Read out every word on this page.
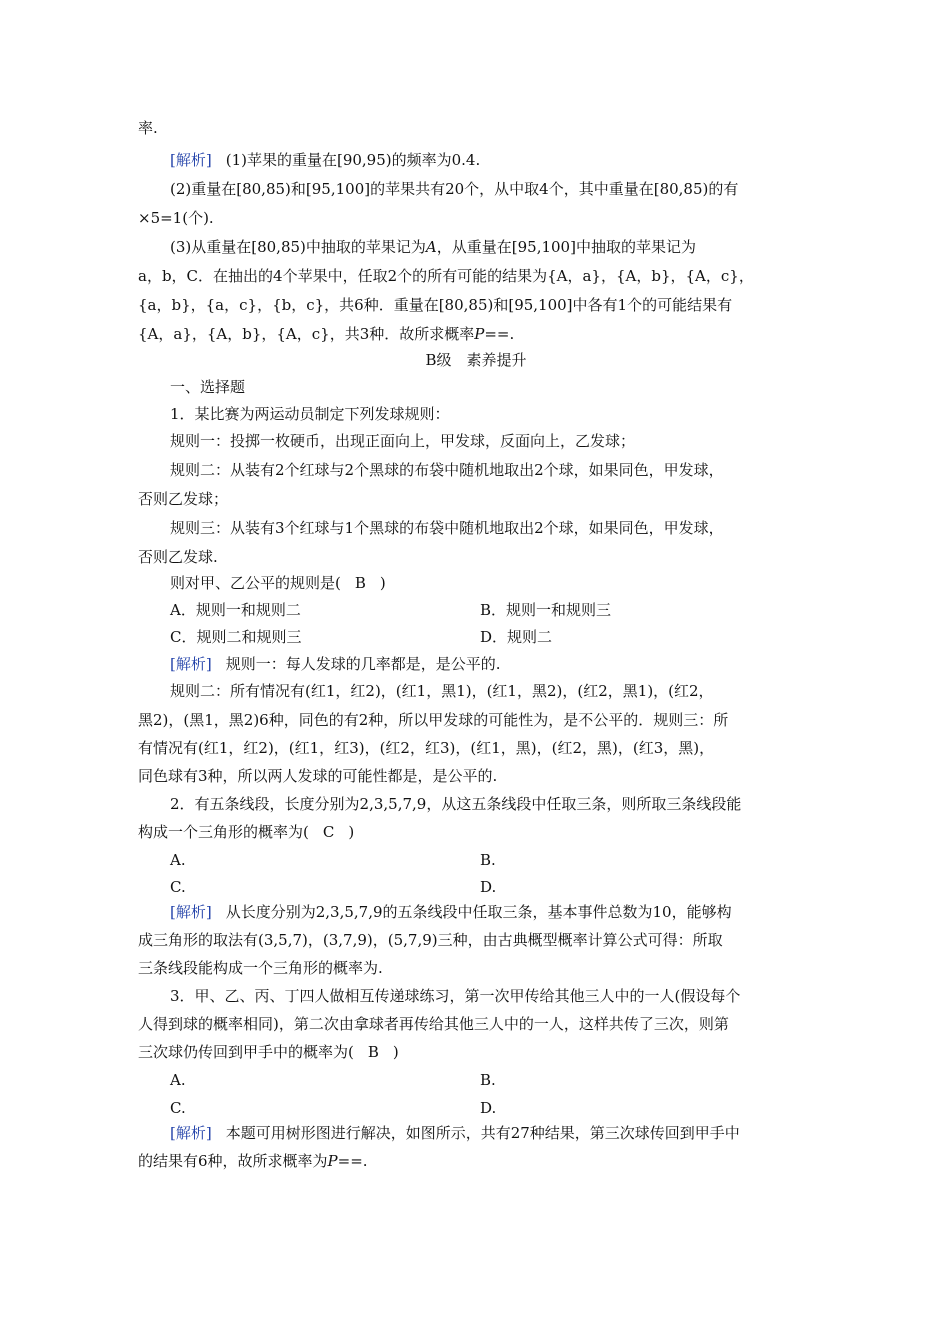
率.
[解析] (1)苹果的重量在[90,95)的频率为0.4.
(2)重量在[80,85)和[95,100]的苹果共有20个，从中取4个，其中重量在[80,85)的有
×5=1(个).
(3)从重量在[80,85)中抽取的苹果记为A，从重量在[95,100]中抽取的苹果记为
a，b，C．在抽出的4个苹果中，任取2个的所有可能的结果为{A，a}，{A，b}，{A，c}，
{a，b}，{a，c}，{b，c}，共6种．重量在[80,85)和[95,100]中各有1个的可能结果有
{A，a}，{A，b}，{A，c}，共3种．故所求概率P==.
B级　素养提升
一、选择题
1．某比赛为两运动员制定下列发球规则：
规则一：投掷一枚硬币，出现正面向上，甲发球，反面向上，乙发球；
规则二：从装有2个红球与2个黑球的布袋中随机地取出2个球，如果同色，甲发球，
否则乙发球；
规则三：从装有3个红球与1个黑球的布袋中随机地取出2个球，如果同色，甲发球，
否则乙发球.
则对甲、乙公平的规则是( B )
A．规则一和规则二	B．规则一和规则三
C．规则二和规则三	D．规则二
[解析] 规则一：每人发球的几率都是，是公平的.
规则二：所有情况有(红1，红2)，(红1，黑1)，(红1，黑2)，(红2，黑1)，(红2，
黑2)，(黑1，黑2)6种，同色的有2种，所以甲发球的可能性为，是不公平的．规则三：所
有情况有(红1，红2)，(红1，红3)，(红2，红3)，(红1，黑)，(红2，黑)，(红3，黑)，
同色球有3种，所以两人发球的可能性都是，是公平的.
2．有五条线段，长度分别为2,3,5,7,9，从这五条线段中任取三条，则所取三条线段能
构成一个三角形的概率为( C )
A.	B.
C.	D.
[解析] 从长度分别为2,3,5,7,9的五条线段中任取三条，基本事件总数为10，能够构
成三角形的取法有(3,5,7)，(3,7,9)，(5,7,9)三种，由古典概型概率计算公式可得：所取
三条线段能构成一个三角形的概率为.
3．甲、乙、丙、丁四人做相互传递球练习，第一次甲传给其他三人中的一人(假设每个
人得到球的概率相同)，第二次由拿球者再传给其他三人中的一人，这样共传了三次，则第
三次球仍传回到甲手中的概率为( B )
A.	B.
C.	D.
[解析] 本题可用树形图进行解决，如图所示，共有27种结果，第三次球传回到甲手中
的结果有6种，故所求概率为P==.
